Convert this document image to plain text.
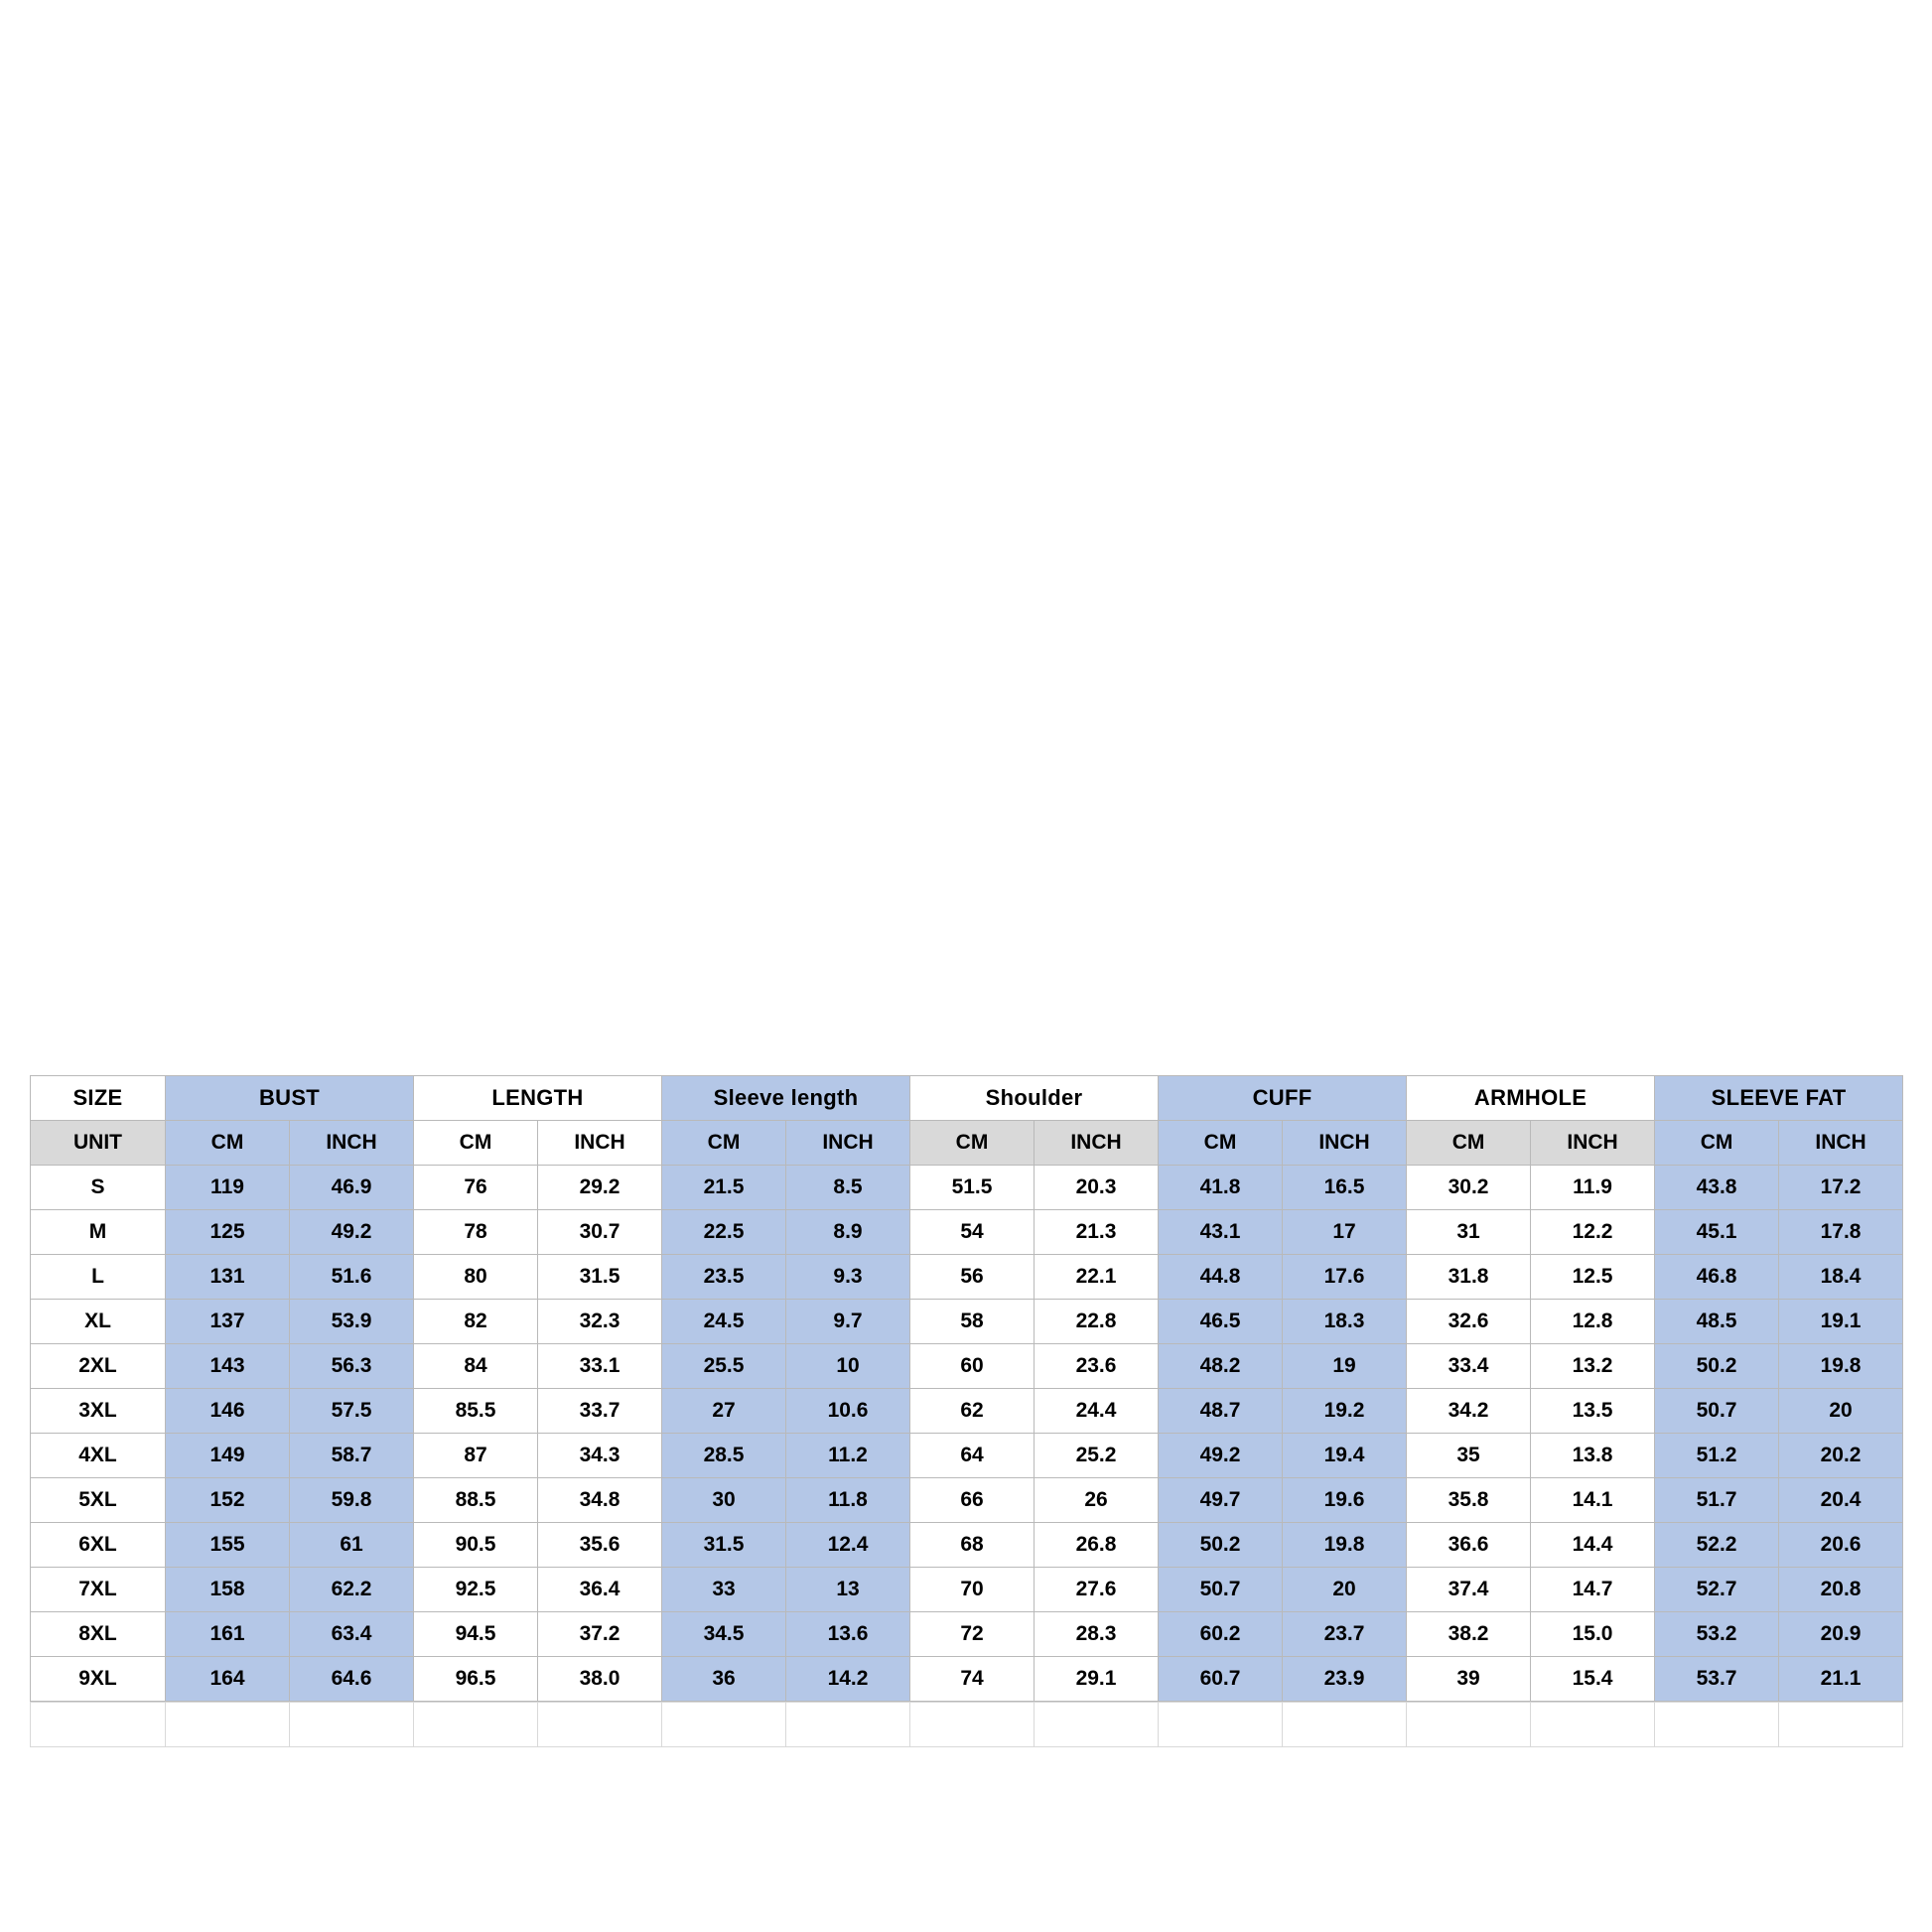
SIZE	BUST		LENGTH		Sleeve length		Shoulder		CUFF		ARMHOLE		SLEEVE FAT	
UNIT	CM	INCH	CM	INCH	CM	INCH	CM	INCH	CM	INCH	CM	INCH	CM	INCH
S	119	46.9	76	29.2	21.5	8.5	51.5	20.3	41.8	16.5	30.2	11.9	43.8	17.2
M	125	49.2	78	30.7	22.5	8.9	54	21.3	43.1	17	31	12.2	45.1	17.8
L	131	51.6	80	31.5	23.5	9.3	56	22.1	44.8	17.6	31.8	12.5	46.8	18.4
XL	137	53.9	82	32.3	24.5	9.7	58	22.8	46.5	18.3	32.6	12.8	48.5	19.1
2XL	143	56.3	84	33.1	25.5	10	60	23.6	48.2	19	33.4	13.2	50.2	19.8
3XL	146	57.5	85.5	33.7	27	10.6	62	24.4	48.7	19.2	34.2	13.5	50.7	20
4XL	149	58.7	87	34.3	28.5	11.2	64	25.2	49.2	19.4	35	13.8	51.2	20.2
5XL	152	59.8	88.5	34.8	30	11.8	66	26	49.7	19.6	35.8	14.1	51.7	20.4
6XL	155	61	90.5	35.6	31.5	12.4	68	26.8	50.2	19.8	36.6	14.4	52.2	20.6
7XL	158	62.2	92.5	36.4	33	13	70	27.6	50.7	20	37.4	14.7	52.7	20.8
8XL	161	63.4	94.5	37.2	34.5	13.6	72	28.3	60.2	23.7	38.2	15.0	53.2	20.9
9XL	164	64.6	96.5	38.0	36	14.2	74	29.1	60.7	23.9	39	15.4	53.7	21.1
